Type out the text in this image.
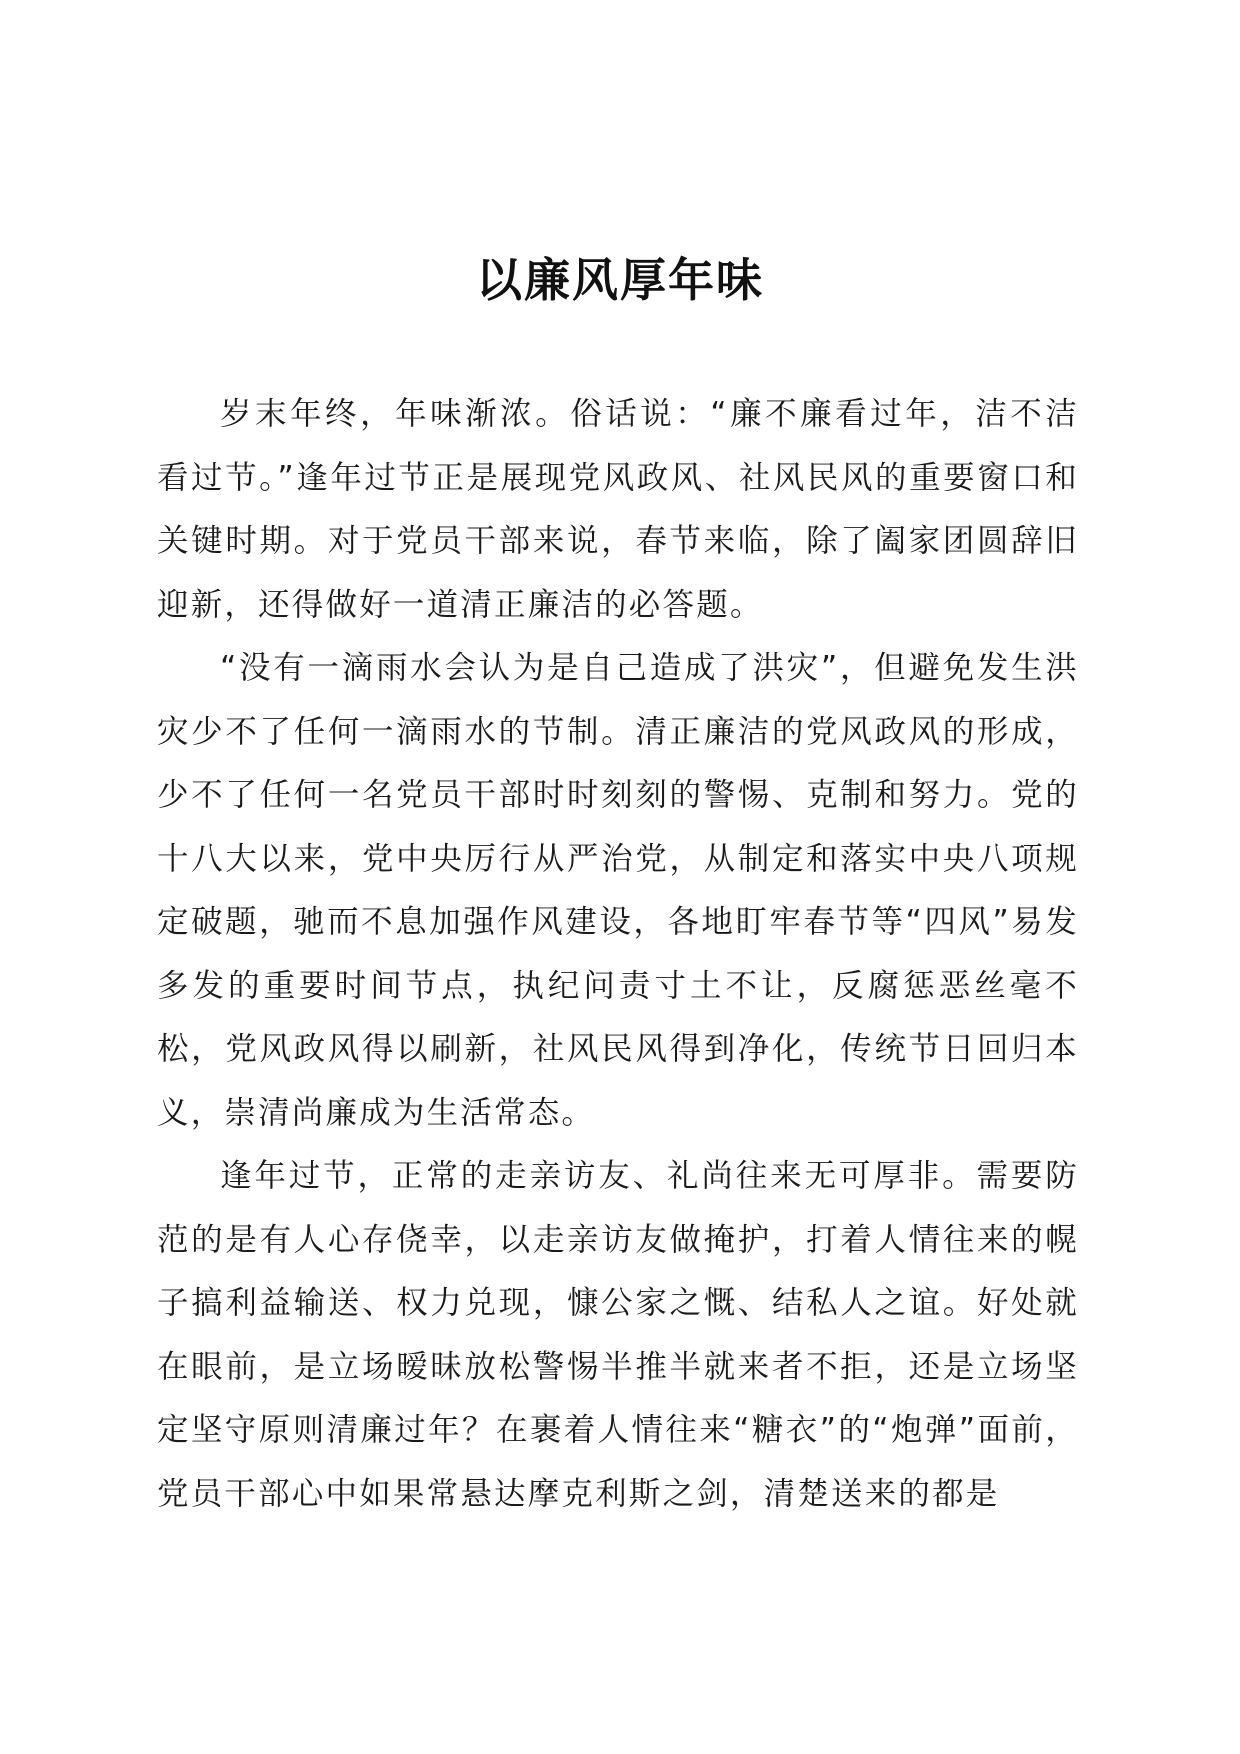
以廉风厚年味

岁末年终，年味渐浓。俗话说：“廉不廉看过年，洁不洁看过节。”逢年过节正是展现党风政风、社风民风的重要窗口和关键时期。对于党员干部来说，春节来临，除了阖家团圆辞旧迎新，还得做好一道清正廉洁的必答题。

“没有一滴雨水会认为是自己造成了洪灾”，但避免发生洪灾少不了任何一滴雨水的节制。清正廉洁的党风政风的形成，少不了任何一名党员干部时时刻刻的警惕、克制和努力。党的十八大以来，党中央厉行从严治党，从制定和落实中央八项规定破题，驰而不息加强作风建设，各地盯牢春节等“四风”易发多发的重要时间节点，执纪问责寸土不让，反腐惩恶丝毫不松，党风政风得以刷新，社风民风得到净化，传统节日回归本义，崇清尚廉成为生活常态。

逢年过节，正常的走亲访友、礼尚往来无可厚非。需要防范的是有人心存侥幸，以走亲访友做掩护，打着人情往来的幌子搞利益输送、权力兑现，慷公家之慨、结私人之谊。好处就在眼前，是立场暧昧放松警惕半推半就来者不拒，还是立场坚定坚守原则清廉过年？在裹着人情往来“糖衣”的“炮弹”面前，党员干部心中如果常悬达摩克利斯之剑，清楚送来的都是
